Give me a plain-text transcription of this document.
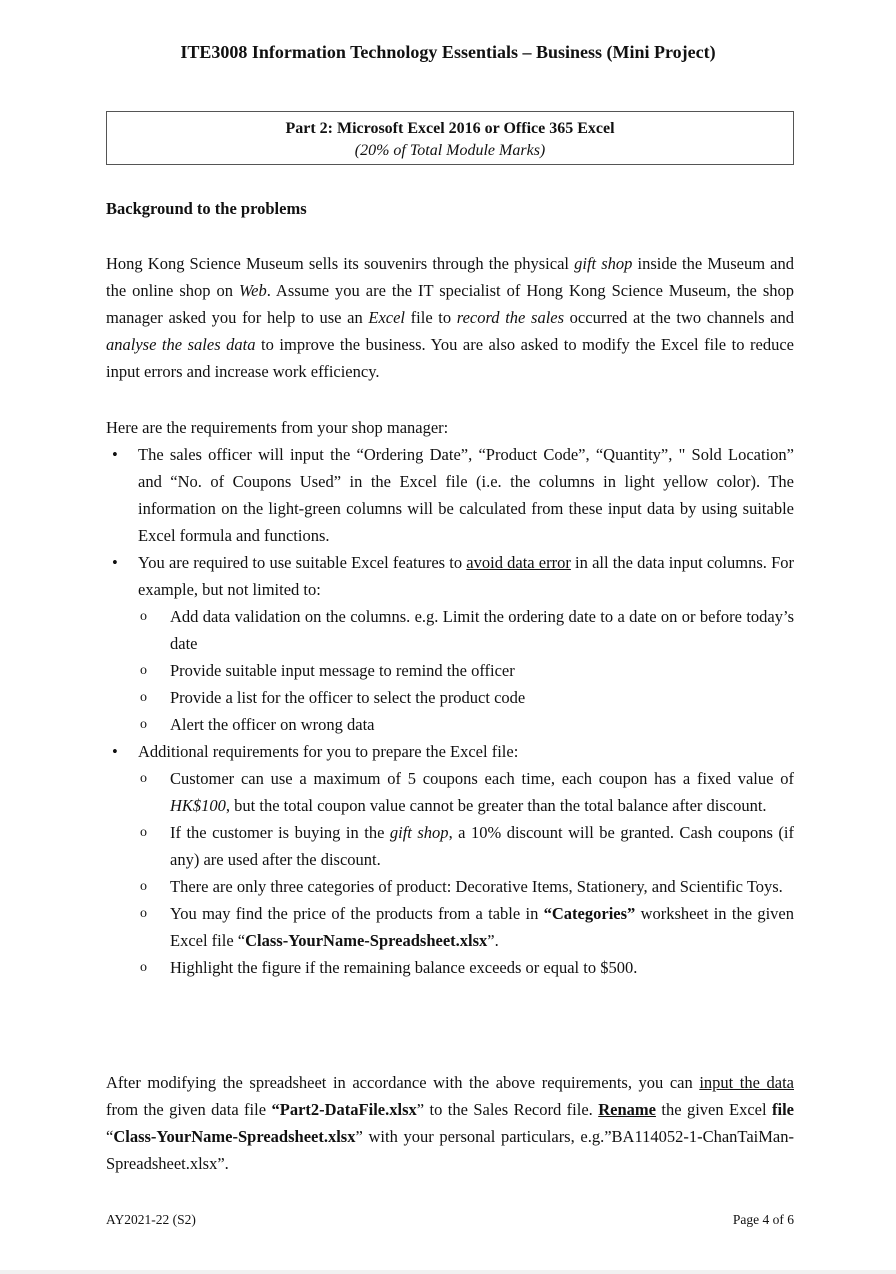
ITE3008 Information Technology Essentials – Business (Mini Project)
Part 2: Microsoft Excel 2016 or Office 365 Excel
(20% of Total Module Marks)
Background to the problems
Hong Kong Science Museum sells its souvenirs through the physical gift shop inside the Museum and the online shop on Web. Assume you are the IT specialist of Hong Kong Science Museum, the shop manager asked you for help to use an Excel file to record the sales occurred at the two channels and analyse the sales data to improve the business. You are also asked to modify the Excel file to reduce input errors and increase work efficiency.
Here are the requirements from your shop manager:
• The sales officer will input the “Ordering Date”, “Product Code”, “Quantity”, " Sold Location” and “No. of Coupons Used” in the Excel file (i.e. the columns in light yellow color). The information on the light-green columns will be calculated from these input data by using suitable Excel formula and functions.
• You are required to use suitable Excel features to avoid data error in all the data input columns. For example, but not limited to:
o Add data validation on the columns. e.g. Limit the ordering date to a date on or before today’s date
o Provide suitable input message to remind the officer
o Provide a list for the officer to select the product code
o Alert the officer on wrong data
• Additional requirements for you to prepare the Excel file:
o Customer can use a maximum of 5 coupons each time, each coupon has a fixed value of HK$100, but the total coupon value cannot be greater than the total balance after discount.
o If the customer is buying in the gift shop, a 10% discount will be granted. Cash coupons (if any) are used after the discount.
o There are only three categories of product: Decorative Items, Stationery, and Scientific Toys.
o You may find the price of the products from a table in “Categories” worksheet in the given Excel file “Class-YourName-Spreadsheet.xlsx”.
o Highlight the figure if the remaining balance exceeds or equal to $500.
After modifying the spreadsheet in accordance with the above requirements, you can input the data from the given data file “Part2-DataFile.xlsx” to the Sales Record file. Rename the given Excel file “Class-YourName-Spreadsheet.xlsx” with your personal particulars, e.g.”BA114052-1-ChanTaiMan-Spreadsheet.xlsx”.
AY2021-22 (S2)	Page 4 of 6
